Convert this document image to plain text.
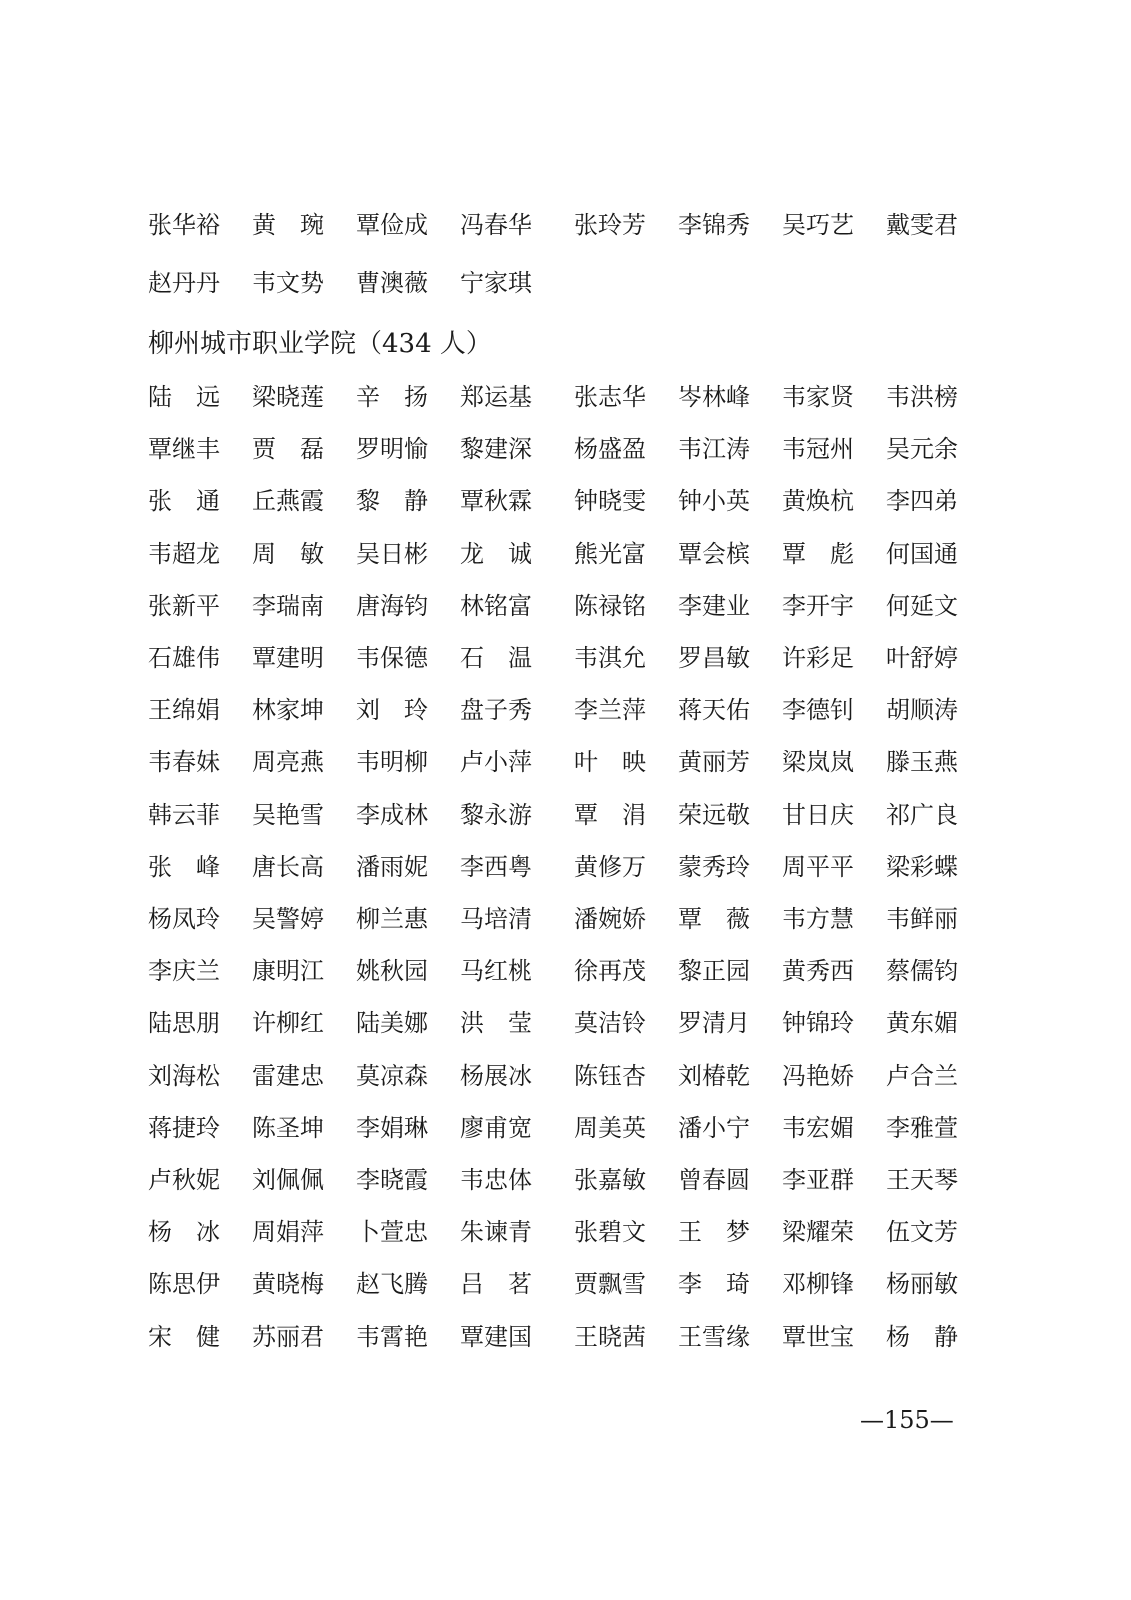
张华裕	黄　琬	覃俭成	冯春华	张玲芳	李锦秀	吴巧艺	戴雯君
赵丹丹	韦文势	曹澳薇	宁家琪
柳州城市职业学院（434 人）
陆　远	梁晓莲	辛　扬	郑运基	张志华	岑林峰	韦家贤	韦洪榜
覃继丰	贾　磊	罗明愉	黎建深	杨盛盈	韦江涛	韦冠州	吴元余
张　通	丘燕霞	黎　静	覃秋霖	钟晓雯	钟小英	黄焕杭	李四弟
韦超龙	周　敏	吴日彬	龙　诚	熊光富	覃会槟	覃　彪	何国通
张新平	李瑞南	唐海钧	林铭富	陈禄铭	李建业	李开宇	何延文
石雄伟	覃建明	韦保德	石　温	韦淇允	罗昌敏	许彩足	叶舒婷
王绵娟	林家坤	刘　玲	盘子秀	李兰萍	蒋天佑	李德钊	胡顺涛
韦春妹	周亮燕	韦明柳	卢小萍	叶　映	黄丽芳	梁岚岚	滕玉燕
韩云菲	吴艳雪	李成林	黎永游	覃　涓	荣远敬	甘日庆	祁广良
张　峰	唐长高	潘雨妮	李西粤	黄修万	蒙秀玲	周平平	梁彩蝶
杨凤玲	吴警婷	柳兰惠	马培清	潘婉娇	覃　薇	韦方慧	韦鲜丽
李庆兰	康明江	姚秋园	马红桃	徐再茂	黎正园	黄秀西	蔡儒钧
陆思朋	许柳红	陆美娜	洪　莹	莫洁铃	罗清月	钟锦玲	黄东媚
刘海松	雷建忠	莫凉森	杨展冰	陈钰杏	刘椿乾	冯艳娇	卢合兰
蒋捷玲	陈圣坤	李娟琳	廖甫宽	周美英	潘小宁	韦宏媚	李雅萱
卢秋妮	刘佩佩	李晓霞	韦忠体	张嘉敏	曾春圆	李亚群	王天琴
杨　冰	周娟萍	卜萱忠	朱谏青	张碧文	王　梦	梁耀荣	伍文芳
陈思伊	黄晓梅	赵飞腾	吕　茗	贾飘雪	李　琦	邓柳锋	杨丽敏
宋　健	苏丽君	韦霄艳	覃建国	王晓茜	王雪缘	覃世宝	杨　静
—155—
